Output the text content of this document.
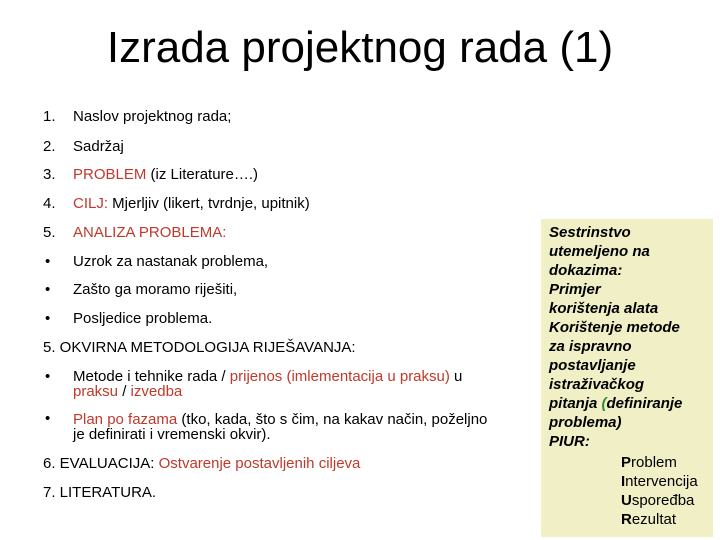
Izrada projektnog rada (1)
1. Naslov projektnog rada;
2. Sadržaj
3. PROBLEM (iz Literature….)
4. CILJ: Mjerljiv (likert, tvrdnje, upitnik)
5. ANALIZA PROBLEMA:
• Uzrok za nastanak problema,
• Zašto ga moramo riješiti,
• Posljedice problema.
5. OKVIRNA METODOLOGIJA RIJEŠAVANJA:
•	Metode i tehnike rada / prijenos (imlementacija u praksu) u
praksu / izvedba
•	Plan po fazama (tko, kada, što s čim, na kakav način, poželjno
je definirati i vremenski okvir).
6. EVALUACIJA: Ostvarenje postavljenih ciljeva
7. LITERATURA.
Sestrinstvo
utemeljeno na
dokazima:
Primjer
korištenja alata
Korištenje metode
za ispravno
postavljanje
istraživačkog
pitanja (definiranje
problema)
PIUR:
Problem
Intervencija
Uspoređba
Rezultat
